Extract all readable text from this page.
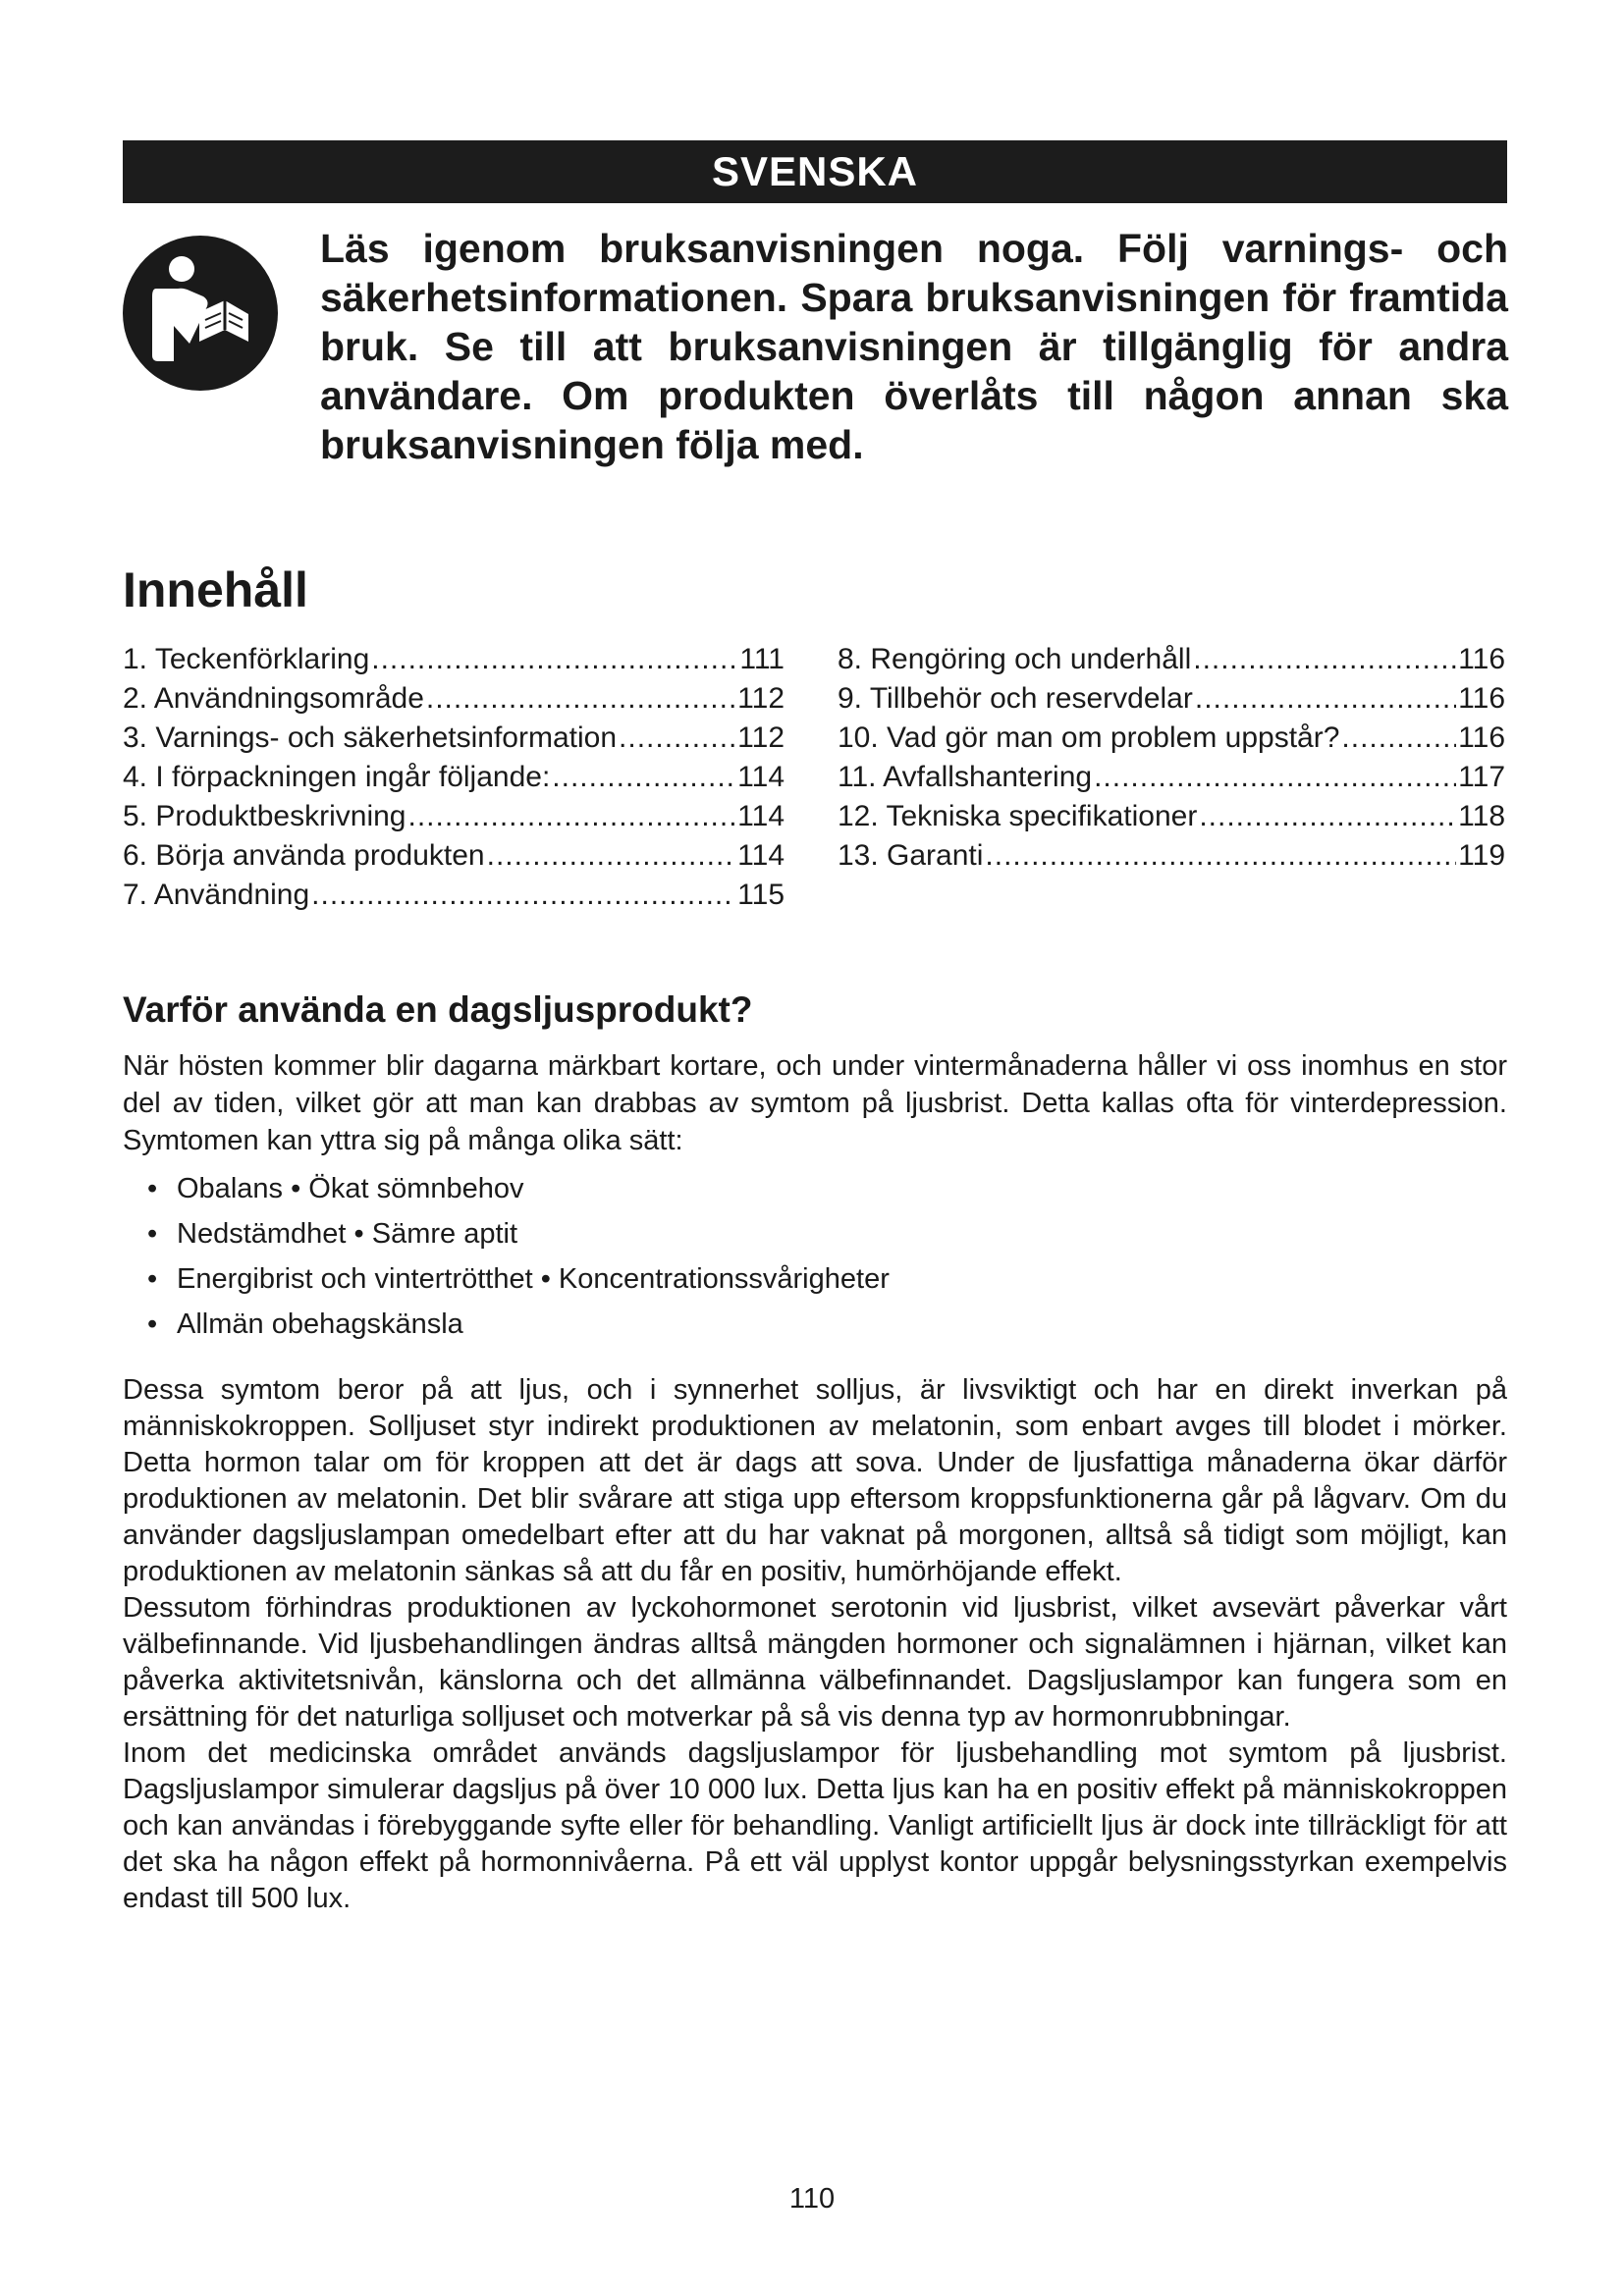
SVENSKA
Läs igenom bruksanvisningen noga. Följ varnings- och säkerhetsinformationen. Spara bruksanvisningen för framtida bruk. Se till att bruksanvisningen är tillgänglig för andra användare. Om produkten överlåts till någon annan ska bruksanvisningen följa med.
Innehåll
1. Teckenförklaring .....	111
2. Användningsområde .....	112
3. Varnings- och säkerhetsinformation .....	112
4. I förpackningen ingår följande: .....	114
5. Produktbeskrivning .....	114
6. Börja använda produkten .....	114
7. Användning .....	115
8. Rengöring och underhåll .....	116
9. Tillbehör och reservdelar .....	116
10. Vad gör man om problem uppstår? .....	116
11. Avfallshantering .....	117
12. Tekniska specifikationer .....	118
13. Garanti .....	119
Varför använda en dagsljusprodukt?

När hösten kommer blir dagarna märkbart kortare, och under vintermånaderna håller vi oss inomhus en stor del av tiden, vilket gör att man kan drabbas av symtom på ljusbrist. Detta kallas ofta för vinterdepression. Symtomen kan yttra sig på många olika sätt:

• Obalans • Ökat sömnbehov
• Nedstämdhet • Sämre aptit
• Energibrist och vintertrötthet • Koncentrationssvårigheter
• Allmän obehagskänsla

Dessa symtom beror på att ljus, och i synnerhet solljus, är livsviktigt och har en direkt inverkan på människokroppen. Solljuset styr indirekt produktionen av melatonin, som enbart avges till blodet i mörker. Detta hormon talar om för kroppen att det är dags att sova. Under de ljusfattiga månaderna ökar därför produktionen av melatonin. Det blir svårare att stiga upp eftersom kroppsfunktionerna går på lågvarv. Om du använder dagsljuslampan omedelbart efter att du har vaknat på morgonen, alltså så tidigt som möjligt, kan produktionen av melatonin sänkas så att du får en positiv, humörhöjande effekt.

Dessutom förhindras produktionen av lyckohormonet serotonin vid ljusbrist, vilket avsevärt påverkar vårt välbefinnande. Vid ljusbehandlingen ändras alltså mängden hormoner och signalämnen i hjärnan, vilket kan påverka aktivitetsnivån, känslorna och det allmänna välbefinnandet. Dagsljuslampor kan fungera som en ersättning för det naturliga solljuset och motverkar på så vis denna typ av hormonrubbningar.

Inom det medicinska området används dagsljuslampor för ljusbehandling mot symtom på ljusbrist. Dagsljuslampor simulerar dagsljus på över 10 000 lux. Detta ljus kan ha en positiv effekt på människokroppen och kan användas i förebyggande syfte eller för behandling. Vanligt artificiellt ljus är dock inte tillräckligt för att det ska ha någon effekt på hormonnivåerna. På ett väl upplyst kontor uppgår belysningsstyrkan exempelvis endast till 500 lux.

110
